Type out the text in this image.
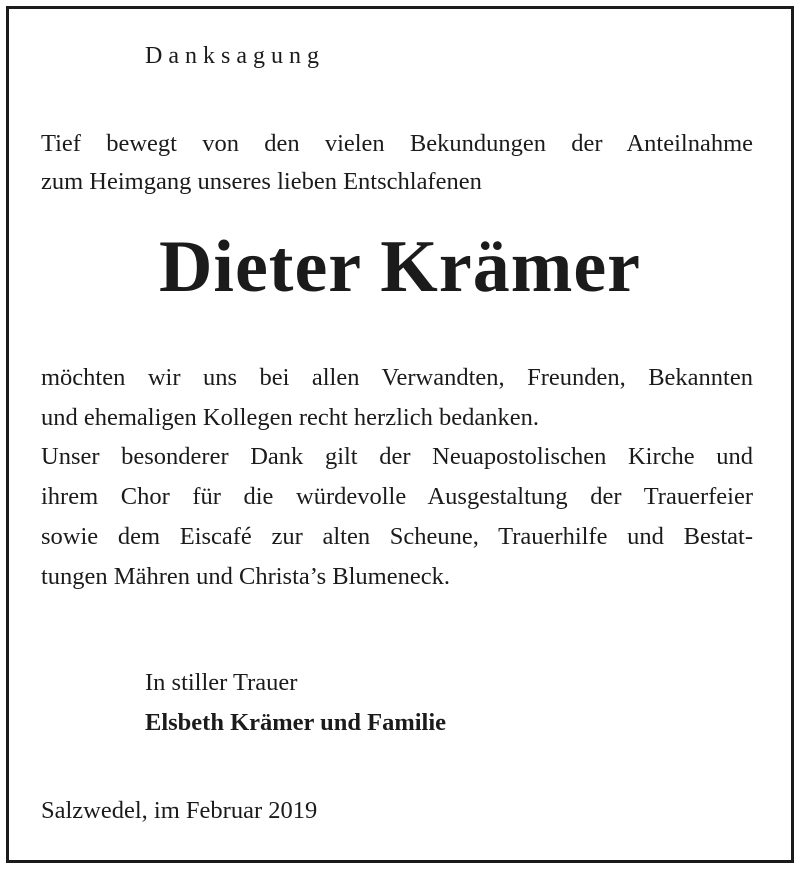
Danksagung
Tief bewegt von den vielen Bekundungen der Anteilnahme
zum Heimgang unseres lieben Entschlafenen
Dieter Krämer
möchten wir uns bei allen Verwandten, Freunden, Bekannten
und ehemaligen Kollegen recht herzlich bedanken.
Unser besonderer Dank gilt der Neuapostolischen Kirche und
ihrem Chor für die würdevolle Ausgestaltung der Trauerfeier
sowie dem Eiscafé zur alten Scheune, Trauerhilfe und Bestat-
tungen Mähren und Christa’s Blumeneck.
In stiller Trauer
Elsbeth Krämer und Familie
Salzwedel, im Februar 2019
